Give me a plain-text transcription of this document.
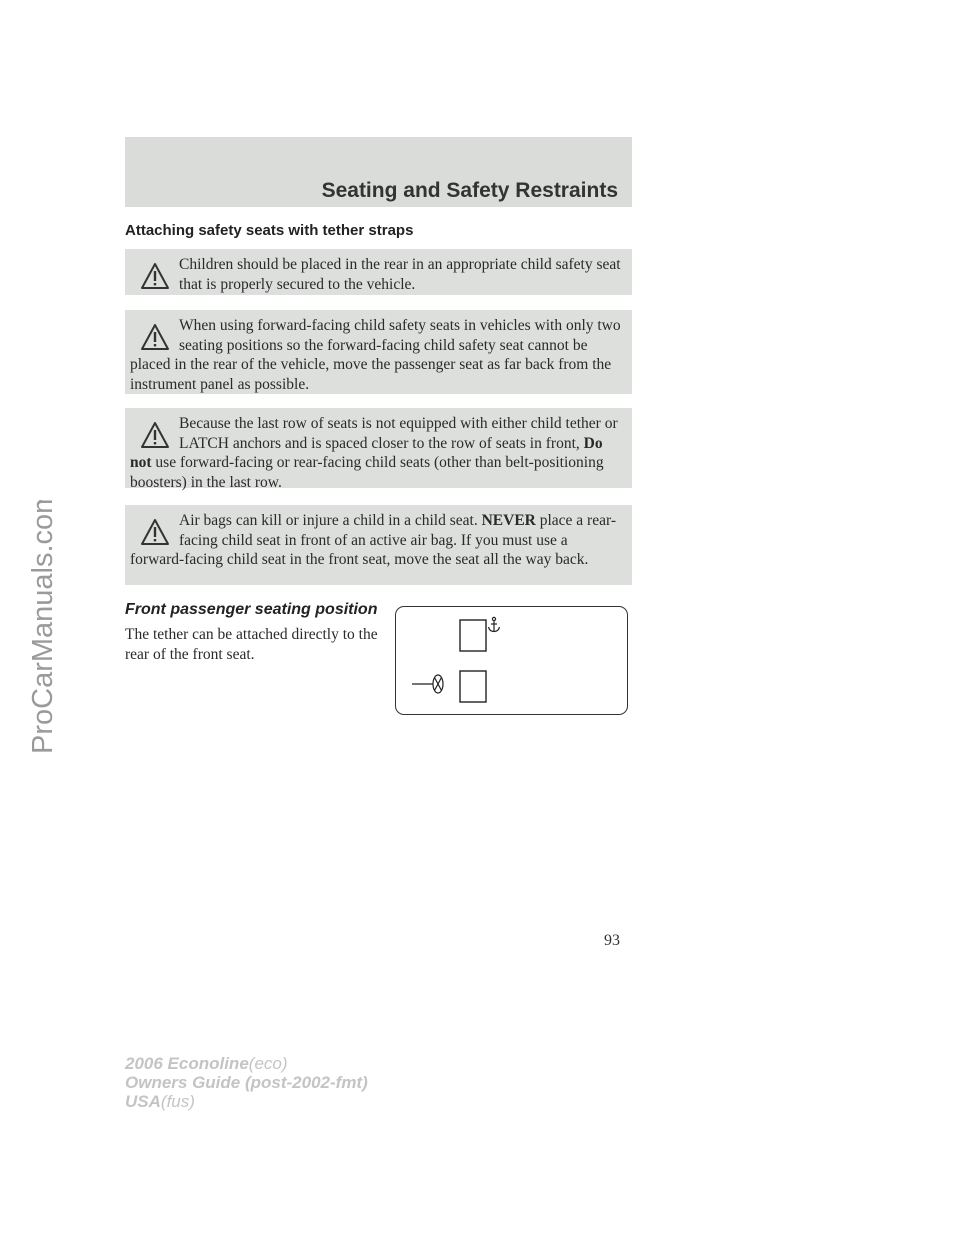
ProCarManuals.com
Seating and Safety Restraints
Attaching safety seats with tether straps
Children should be placed in the rear in an appropriate child safety seat that is properly secured to the vehicle.
When using forward-facing child safety seats in vehicles with only two seating positions so the forward-facing child safety seat cannot be placed in the rear of the vehicle, move the passenger seat as far back from the instrument panel as possible.
Because the last row of seats is not equipped with either child tether or LATCH anchors and is spaced closer to the row of seats in front, Do not use forward-facing or rear-facing child seats (other than belt-positioning boosters) in the last row.
Air bags can kill or injure a child in a child seat. NEVER place a rear-facing child seat in front of an active air bag. If you must use a forward-facing child seat in the front seat, move the seat all the way back.
Front passenger seating position
The tether can be attached directly to the rear of the front seat.
93
2006 Econoline(eco)
Owners Guide (post-2002-fmt)
USA(fus)
